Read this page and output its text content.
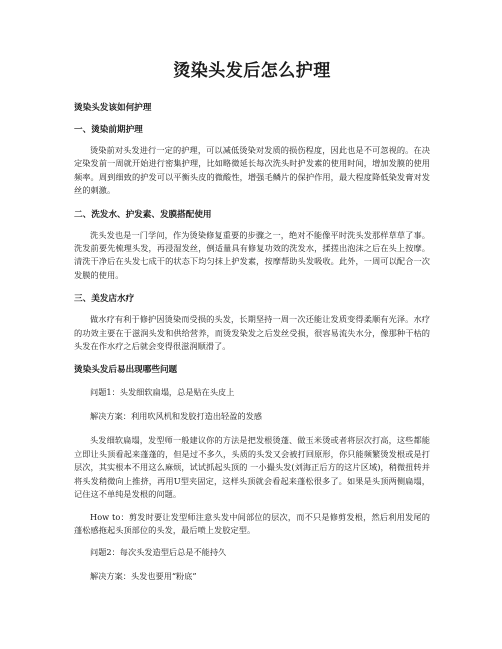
烫染头发后怎么护理
烫染头发该如何护理
一、烫染前期护理

烫染前对头发进行一定的护理，可以减低烫染对发质的损伤程度，因此也是不可忽视的。在决定染发前一周就开始进行密集护理，比如略微延长每次洗头时护发素的使用时间，增加发膜的使用频率。周到细致的护发可以平衡头皮的微酸性，增强毛鳞片的保护作用，最大程度降低染发膏对发丝的刺激。

二、洗发水、护发素、发膜搭配使用

洗头发也是一门学问，作为烫染修复重要的步骤之一，绝对不能像平时洗头发那样草草了事。洗发前要先梳理头发，再浸湿发丝，倒适量具有修复功效的洗发水，揉搓出泡沫之后在头上按摩。清洗干净后在头发七成干的状态下均匀抹上护发素，按摩帮助头发吸收。此外，一周可以配合一次发膜的使用。

三、美发店水疗

做水疗有利于修护因烫染而受损的头发，长期坚持一周一次还能让发质变得柔顺有光泽。水疗的功效主要在于滋润头发和供给营养，而烫发染发之后发丝受损，很容易流失水分，像那种干枯的头发在作水疗之后就会变得很滋润顺滑了。

烫染头发后易出现哪些问题

问题1：头发细软扁塌，总是贴在头皮上

解决方案：利用吹风机和发胶打造出轻盈的发感

头发细软扁塌，发型师一般建议你的方法是把发根烫蓬、做玉米烫或者将层次打高，这些都能立即让头顶看起来蓬蓬的，但是过不多久，头质的头发又会被打回原形，你只能频繁烫发根或是打层次，其实根本不用这么麻烦，试试抓起头顶的 一小撮头发(刘海正后方的这片区域)，稍微扭转并将头发稍微向上推挤，再用U型夹固定，这样头顶就会看起来蓬松很多了。如果是头顶两侧扁塌，记住这不单纯是发根的问题。

How to：剪发时要让发型师注意头发中间部位的层次，而不只是修剪发根，然后利用发尾的蓬松感拖起头顶部位的头发，最后喷上发胶定型。

问题2：每次头发造型后总是不能持久

解决方案：头发也要用“粉底”
